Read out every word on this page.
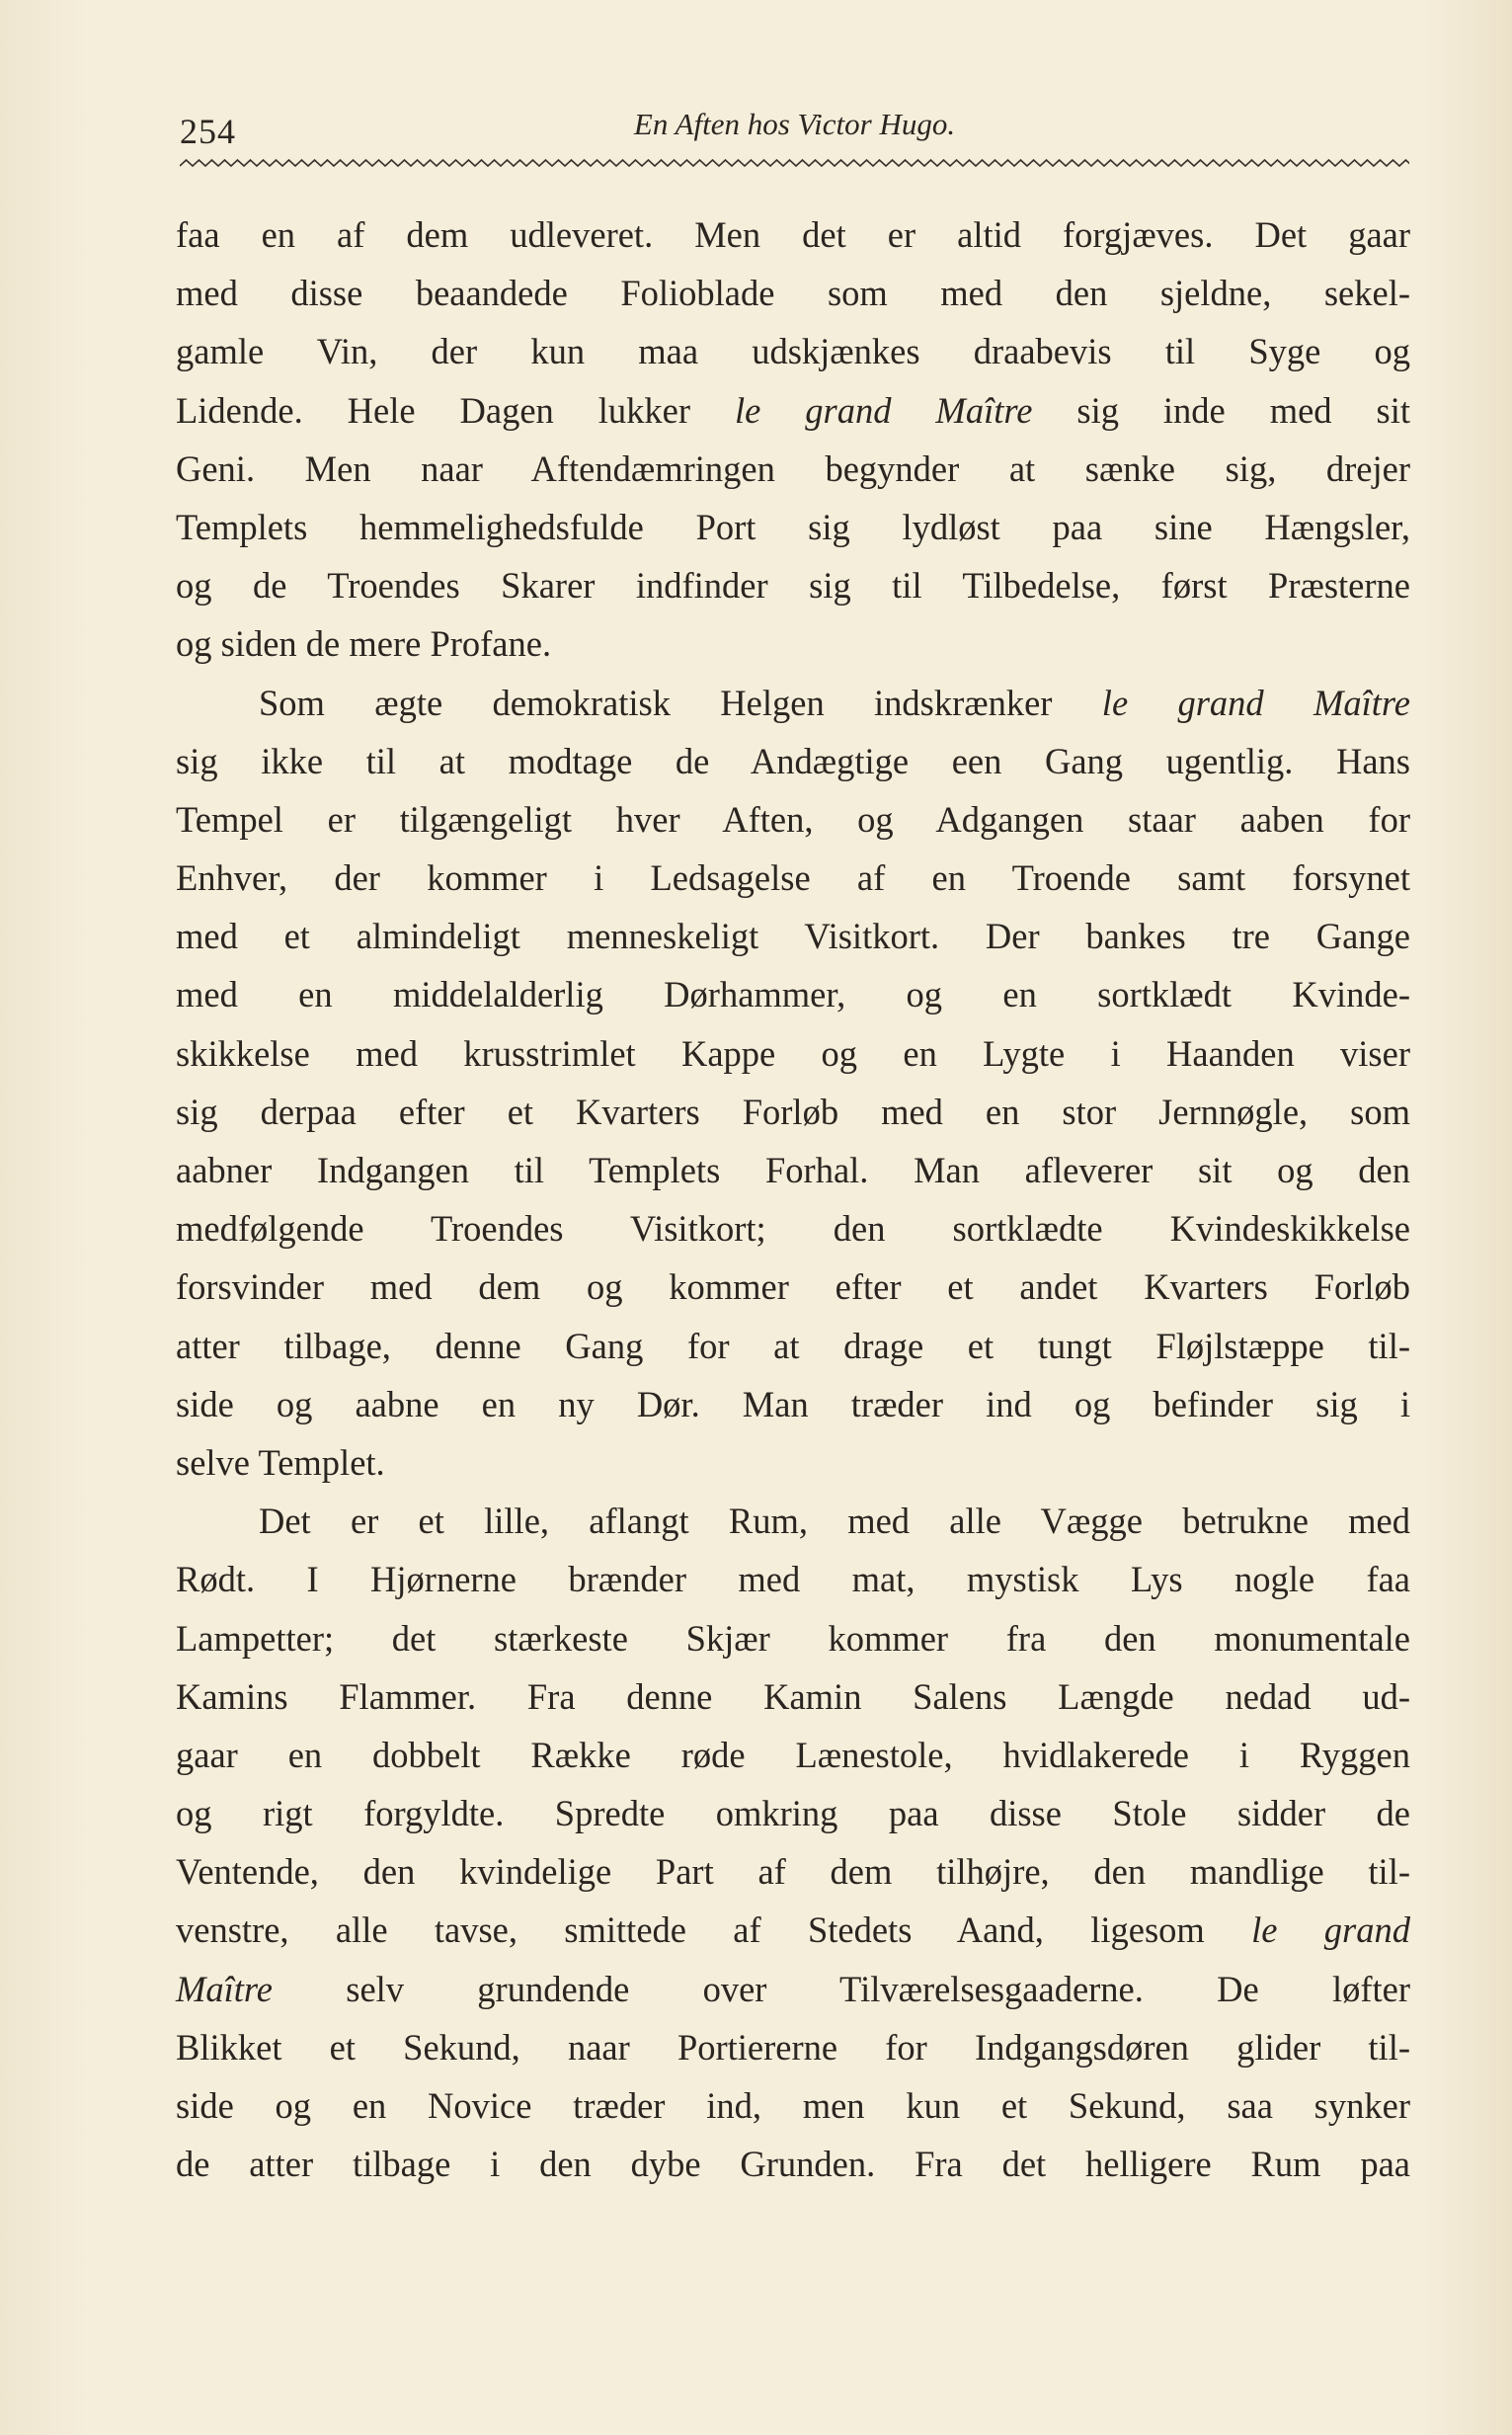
254	En Aften hos Victor Hugo.
faa en af dem udleveret. Men det er altid forgjæves. Det gaar
med disse beaandede Folioblade som med den sjeldne, sekel-
gamle Vin, der kun maa udskjænkes draabevis til Syge og
Lidende. Hele Dagen lukker le grand Maître sig inde med sit
Geni. Men naar Aftendæmringen begynder at sænke sig, drejer
Templets hemmelighedsfulde Port sig lydløst paa sine Hængsler,
og de Troendes Skarer indfinder sig til Tilbedelse, først Præsterne
og siden de mere Profane.
Som ægte demokratisk Helgen indskrænker le grand Maître
sig ikke til at modtage de Andægtige een Gang ugentlig. Hans
Tempel er tilgængeligt hver Aften, og Adgangen staar aaben for
Enhver, der kommer i Ledsagelse af en Troende samt forsynet
med et almindeligt menneskeligt Visitkort. Der bankes tre Gange
med en middelalderlig Dørhammer, og en sortklædt Kvinde-
skikkelse med krusstrimlet Kappe og en Lygte i Haanden viser
sig derpaa efter et Kvarters Forløb med en stor Jernnøgle, som
aabner Indgangen til Templets Forhal. Man afleverer sit og den
medfølgende Troendes Visitkort; den sortklædte Kvindeskikkelse
forsvinder med dem og kommer efter et andet Kvarters Forløb
atter tilbage, denne Gang for at drage et tungt Fløjlstæppe til-
side og aabne en ny Dør. Man træder ind og befinder sig i
selve Templet.
Det er et lille, aflangt Rum, med alle Vægge betrukne med
Rødt. I Hjørnerne brænder med mat, mystisk Lys nogle faa
Lampetter; det stærkeste Skjær kommer fra den monumentale
Kamins Flammer. Fra denne Kamin Salens Længde nedad ud-
gaar en dobbelt Række røde Lænestole, hvidlakerede i Ryggen
og rigt forgyldte. Spredte omkring paa disse Stole sidder de
Ventende, den kvindelige Part af dem tilhøjre, den mandlige til-
venstre, alle tavse, smittede af Stedets Aand, ligesom le grand
Maître selv grundende over Tilværelsesgaaderne. De løfter
Blikket et Sekund, naar Portiererne for Indgangsdøren glider til-
side og en Novice træder ind, men kun et Sekund, saa synker
de atter tilbage i den dybe Grunden. Fra det helligere Rum paa
